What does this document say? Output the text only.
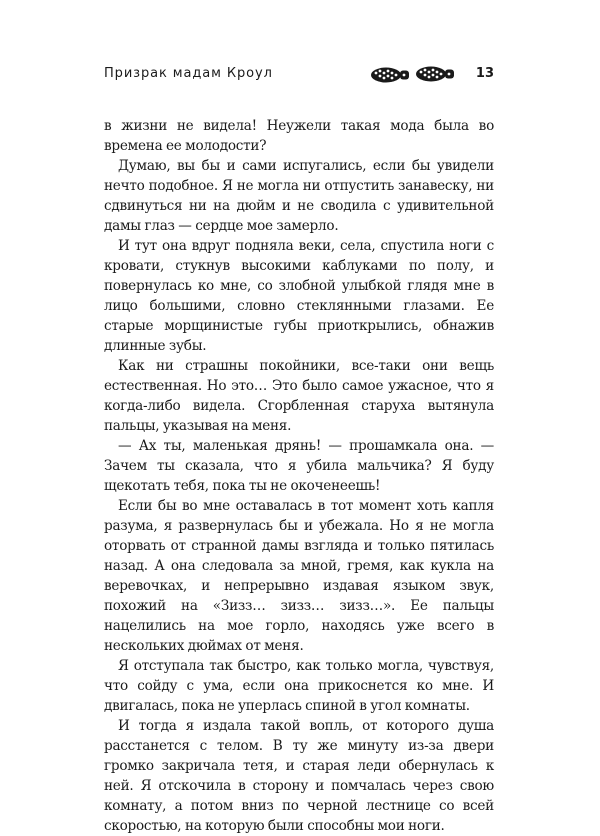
Призрак мадам Кроул	13

в жизни не видела! Неужели такая мода была во времена ее молодости?

Думаю, вы бы и сами испугались, если бы увидели нечто подобное. Я не могла ни отпустить занавеску, ни сдвинуться ни на дюйм и не сводила с удивительной дамы глаз — сердце мое замерло.

И тут она вдруг подняла веки, села, спустила ноги с кровати, стукнув высокими каблуками по полу, и повернулась ко мне, со злобной улыбкой глядя мне в лицо большими, словно стеклянными глазами. Ее старые морщинистые губы приоткрылись, обнажив длинные зубы.

Как ни страшны покойники, все-таки они вещь естественная. Но это… Это было самое ужасное, что я когда-либо видела. Сгорбленная старуха вытянула пальцы, указывая на меня.

— Ах ты, маленькая дрянь! — прошамкала она. — Зачем ты сказала, что я убила мальчика? Я буду щекотать тебя, пока ты не окоченеешь!

Если бы во мне оставалась в тот момент хоть капля разума, я развернулась бы и убежала. Но я не могла оторвать от странной дамы взгляда и только пятилась назад. А она следовала за мной, гремя, как кукла на веревочках, и непрерывно издавая языком звук, похожий на «Зизз… зизз… зизз…». Ее пальцы нацелились на мое горло, находясь уже всего в нескольких дюймах от меня.

Я отступала так быстро, как только могла, чувствуя, что сойду с ума, если она прикоснется ко мне. И двигалась, пока не уперлась спиной в угол комнаты.

И тогда я издала такой вопль, от которого душа расстанется с телом. В ту же минуту из-за двери громко закричала тетя, и старая леди обернулась к ней. Я отскочила в сторону и помчалась через свою комнату, а потом вниз по черной лестнице со всей скоростью, на которую были способны мои ноги.
